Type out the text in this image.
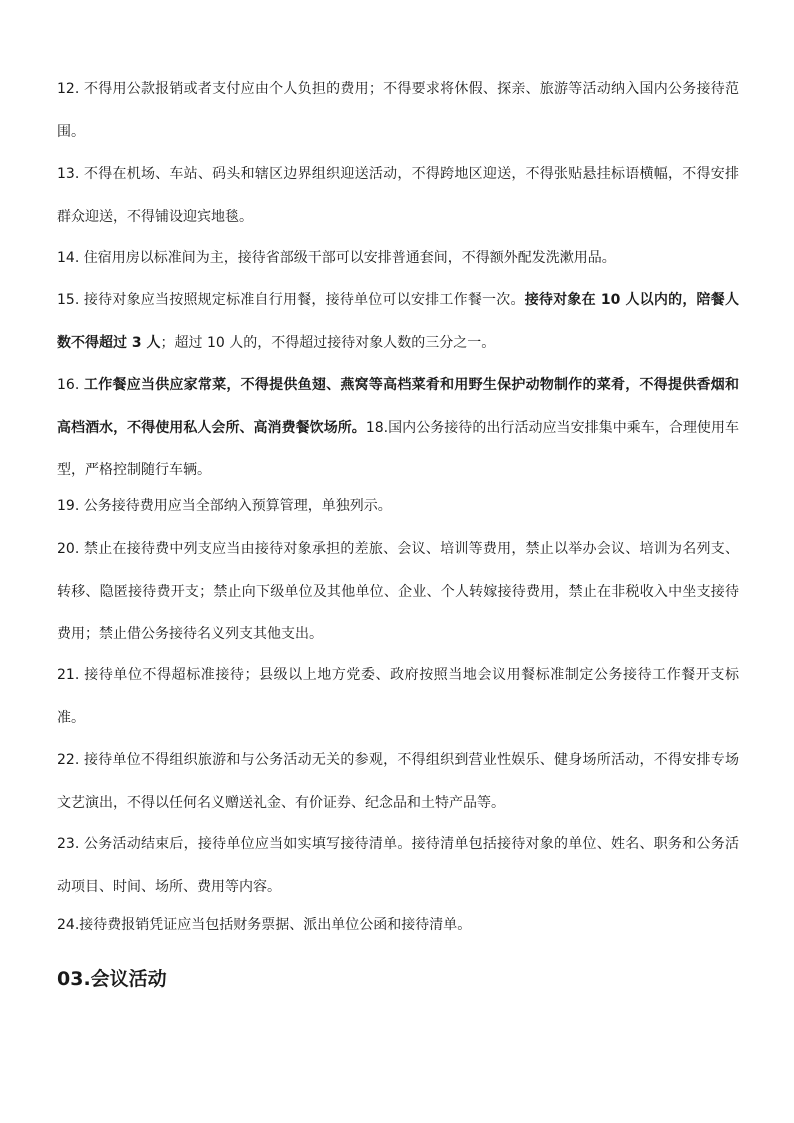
12. 不得用公款报销或者支付应由个人负担的费用；不得要求将休假、探亲、旅游等活动纳入国内公务接待范围。

13. 不得在机场、车站、码头和辖区边界组织迎送活动，不得跨地区迎送，不得张贴悬挂标语横幅，不得安排群众迎送，不得铺设迎宾地毯。

14. 住宿用房以标准间为主，接待省部级干部可以安排普通套间，不得额外配发洗漱用品。

15. 接待对象应当按照规定标准自行用餐，接待单位可以安排工作餐一次。接待对象在 10 人以内的，陪餐人数不得超过 3 人；超过 10 人的，不得超过接待对象人数的三分之一。

16. 工作餐应当供应家常菜，不得提供鱼翅、燕窝等高档菜肴和用野生保护动物制作的菜肴，不得提供香烟和高档酒水，不得使用私人会所、高消费餐饮场所。18.国内公务接待的出行活动应当安排集中乘车，合理使用车型，严格控制随行车辆。

19. 公务接待费用应当全部纳入预算管理，单独列示。

20. 禁止在接待费中列支应当由接待对象承担的差旅、会议、培训等费用，禁止以举办会议、培训为名列支、转移、隐匿接待费开支；禁止向下级单位及其他单位、企业、个人转嫁接待费用，禁止在非税收入中坐支接待费用；禁止借公务接待名义列支其他支出。

21. 接待单位不得超标准接待；县级以上地方党委、政府按照当地会议用餐标准制定公务接待工作餐开支标准。

22. 接待单位不得组织旅游和与公务活动无关的参观，不得组织到营业性娱乐、健身场所活动，不得安排专场文艺演出，不得以任何名义赠送礼金、有价证券、纪念品和土特产品等。

23. 公务活动结束后，接待单位应当如实填写接待清单。接待清单包括接待对象的单位、姓名、职务和公务活动项目、时间、场所、费用等内容。

24.接待费报销凭证应当包括财务票据、派出单位公函和接待清单。

03.会议活动
